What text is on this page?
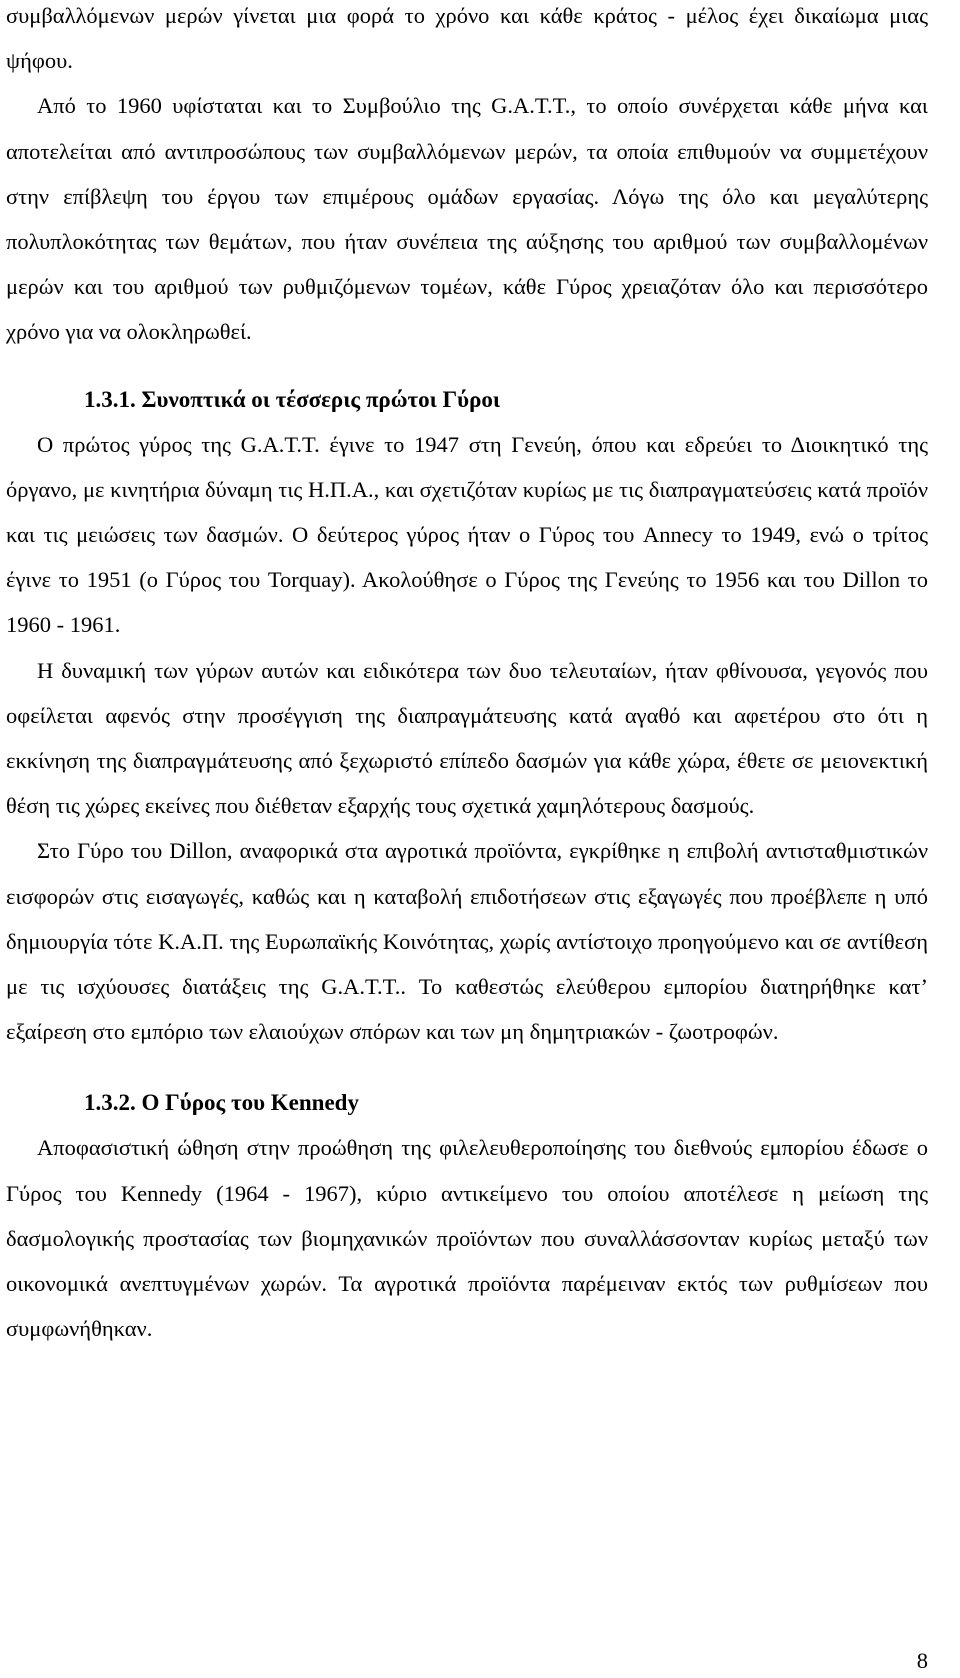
συμβαλλόμενων μερών γίνεται μια φορά το χρόνο και κάθε κράτος - μέλος έχει δικαίωμα μιας ψήφου.

Από το 1960 υφίσταται και το Συμβούλιο της G.A.T.T., το οποίο συνέρχεται κάθε μήνα και αποτελείται από αντιπροσώπους των συμβαλλόμενων μερών, τα οποία επιθυμούν να συμμετέχουν στην επίβλεψη του έργου των επιμέρους ομάδων εργασίας. Λόγω της όλο και μεγαλύτερης πολυπλοκότητας των θεμάτων, που ήταν συνέπεια της αύξησης του αριθμού των συμβαλλομένων μερών και του αριθμού των ρυθμιζόμενων τομέων, κάθε Γύρος χρειαζόταν όλο και περισσότερο χρόνο για να ολοκληρωθεί.

1.3.1. Συνοπτικά οι τέσσερις πρώτοι Γύροι

Ο πρώτος γύρος της G.A.T.T. έγινε το 1947 στη Γενεύη, όπου και εδρεύει το Διοικητικό της όργανο, με κινητήρια δύναμη τις Η.Π.Α., και σχετιζόταν κυρίως με τις διαπραγματεύσεις κατά προϊόν και τις μειώσεις των δασμών. Ο δεύτερος γύρος ήταν ο Γύρος του Annecy το 1949, ενώ ο τρίτος έγινε το 1951 (ο Γύρος του Torquay). Ακολούθησε ο Γύρος της Γενεύης το 1956 και του Dillon το 1960 - 1961.

Η δυναμική των γύρων αυτών και ειδικότερα των δυο τελευταίων, ήταν φθίνουσα, γεγονός που οφείλεται αφενός στην προσέγγιση της διαπραγμάτευσης κατά αγαθό και αφετέρου στο ότι η εκκίνηση της διαπραγμάτευσης από ξεχωριστό επίπεδο δασμών για κάθε χώρα, έθετε σε μειονεκτική θέση τις χώρες εκείνες που διέθεταν εξαρχής τους σχετικά χαμηλότερους δασμούς.

Στο Γύρο του Dillon, αναφορικά στα αγροτικά προϊόντα, εγκρίθηκε η επιβολή αντισταθμιστικών εισφορών στις εισαγωγές, καθώς και η καταβολή επιδοτήσεων στις εξαγωγές που προέβλεπε η υπό δημιουργία τότε Κ.Α.Π. της Ευρωπαϊκής Κοινότητας, χωρίς αντίστοιχο προηγούμενο και σε αντίθεση με τις ισχύουσες διατάξεις της G.A.T.T.. Το καθεστώς ελεύθερου εμπορίου διατηρήθηκε κατ’ εξαίρεση στο εμπόριο των ελαιούχων σπόρων και των μη δημητριακών - ζωοτροφών.

1.3.2. Ο Γύρος του Kennedy

Αποφασιστική ώθηση στην προώθηση της φιλελευθεροποίησης του διεθνούς εμπορίου έδωσε ο Γύρος του Kennedy (1964 - 1967), κύριο αντικείμενο του οποίου αποτέλεσε η μείωση της δασμολογικής προστασίας των βιομηχανικών προϊόντων που συναλλάσσονταν κυρίως μεταξύ των οικονομικά ανεπτυγμένων χωρών. Τα αγροτικά προϊόντα παρέμειναν εκτός των ρυθμίσεων που συμφωνήθηκαν.

8
